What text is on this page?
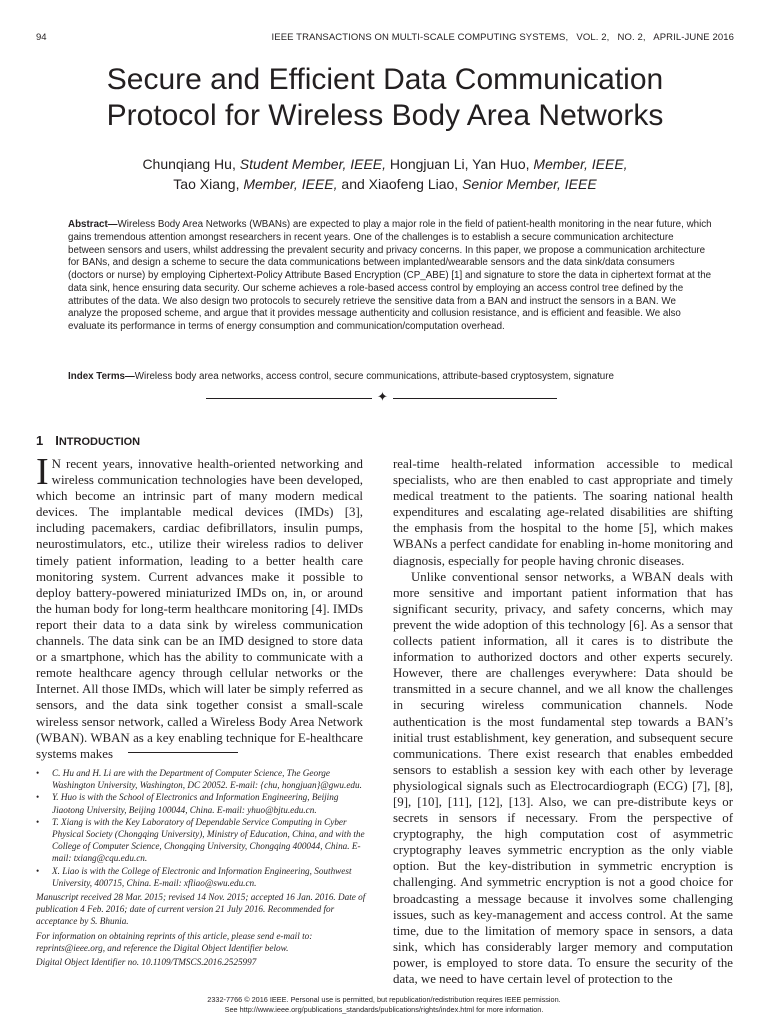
94	IEEE TRANSACTIONS ON MULTI-SCALE COMPUTING SYSTEMS,   VOL. 2,   NO. 2,   APRIL-JUNE 2016
Secure and Efficient Data Communication
Protocol for Wireless Body Area Networks
Chunqiang Hu, Student Member, IEEE, Hongjuan Li, Yan Huo, Member, IEEE,
Tao Xiang, Member, IEEE, and Xiaofeng Liao, Senior Member, IEEE
Abstract—Wireless Body Area Networks (WBANs) are expected to play a major role in the field of patient-health monitoring in the near future, which gains tremendous attention amongst researchers in recent years. One of the challenges is to establish a secure communication architecture between sensors and users, whilst addressing the prevalent security and privacy concerns. In this paper, we propose a communication architecture for BANs, and design a scheme to secure the data communications between implanted/wearable sensors and the data sink/data consumers (doctors or nurse) by employing Ciphertext-Policy Attribute Based Encryption (CP_ABE) [1] and signature to store the data in ciphertext format at the data sink, hence ensuring data security. Our scheme achieves a role-based access control by employing an access control tree defined by the attributes of the data. We also design two protocols to securely retrieve the sensitive data from a BAN and instruct the sensors in a BAN. We analyze the proposed scheme, and argue that it provides message authenticity and collusion resistance, and is efficient and feasible. We also evaluate its performance in terms of energy consumption and communication/computation overhead.
Index Terms—Wireless body area networks, access control, secure communications, attribute-based cryptosystem, signature
✦
1 INTRODUCTION

I N recent years, innovative health-oriented networking and wireless communication technologies have been developed, which become an intrinsic part of many modern medical devices. The implantable medical devices (IMDs) [3], including pacemakers, cardiac defibrillators, insulin pumps, neurostimulators, etc., utilize their wireless radios to deliver timely patient information, leading to a better health care monitoring system. Current advances make it possible to deploy battery-powered miniaturized IMDs on, in, or around the human body for long-term healthcare monitoring [4]. IMDs report their data to a data sink by wireless communication channels. The data sink can be an IMD designed to store data or a smartphone, which has the ability to communicate with a remote healthcare agency through cellular networks or the Internet. All those IMDs, which will later be simply referred as sensors, and the data sink together consist a small-scale wireless sensor network, called a Wireless Body Area Network (WBAN). WBAN as a key enabling technique for E-healthcare systems makes

real-time health-related information accessible to medical specialists, who are then enabled to cast appropriate and timely medical treatment to the patients. The soaring national health expenditures and escalating age-related disabilities are shifting the emphasis from the hospital to the home [5], which makes WBANs a perfect candidate for enabling in-home monitoring and diagnosis, especially for people having chronic diseases.

Unlike conventional sensor networks, a WBAN deals with more sensitive and important patient information that has significant security, privacy, and safety concerns, which may prevent the wide adoption of this technology [6]. As a sensor that collects patient information, all it cares is to distribute the information to authorized doctors and other experts securely. However, there are challenges everywhere: Data should be transmitted in a secure channel, and we all know the challenges in securing wireless communication channels. Node authentication is the most fundamental step towards a BAN’s initial trust establishment, key generation, and subsequent secure communications. There exist research that enables embedded sensors to establish a session key with each other by leverage physiological signals such as Electrocardiograph (ECG) [7], [8], [9], [10], [11], [12], [13]. Also, we can pre-distribute keys or secrets in sensors if necessary. From the perspective of cryptography, the high computation cost of asymmetric cryptography leaves symmetric encryption as the only viable option. But the key-distribution in symmetric encryption is challenging. And symmetric encryption is not a good choice for broadcasting a message because it involves some challenging issues, such as key-management and access control. At the same time, due to the limitation of memory space in sensors, a data sink, which has considerably larger memory and computation power, is employed to store data. To ensure the security of the data, we need to have certain level of protection to the

• C. Hu and H. Li are with the Department of Computer Science, The George Washington University, Washington, DC 20052. E-mail: {chu, hongjuan}@gwu.edu.

• Y. Huo is with the School of Electronics and Information Engineering, Beijing Jiaotong University, Beijing 100044, China. E-mail: yhuo@bjtu.edu.cn.

• T. Xiang is with the Key Laboratory of Dependable Service Computing in Cyber Physical Society (Chongqing University), Ministry of Education, China, and with the College of Computer Science, Chongqing University, Chongqing 400044, China. E-mail: txiang@cqu.edu.cn.

• X. Liao is with the College of Electronic and Information Engineering, Southwest University, 400715, China. E-mail: xfliao@swu.edu.cn.

Manuscript received 28 Mar. 2015; revised 14 Nov. 2015; accepted 16 Jan. 2016. Date of publication 4 Feb. 2016; date of current version 21 July 2016. Recommended for acceptance by S. Bhunia.

For information on obtaining reprints of this article, please send e-mail to: reprints@ieee.org, and reference the Digital Object Identifier below.

Digital Object Identifier no. 10.1109/TMSCS.2016.2525997

2332-7766 © 2016 IEEE. Personal use is permitted, but republication/redistribution requires IEEE permission.
See http://www.ieee.org/publications_standards/publications/rights/index.html for more information.
